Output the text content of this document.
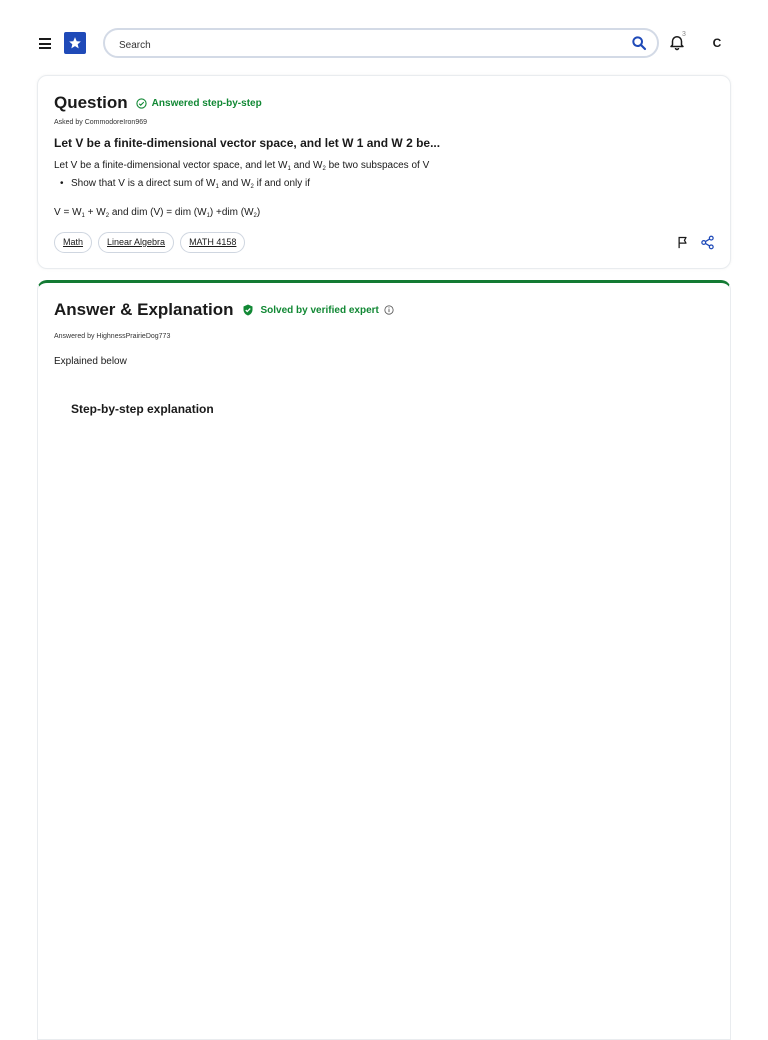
Search
3
C
Question Answered step-by-step
Asked by CommodoreIron969
Let V be a finite-dimensional vector space, and let W 1 and W 2 be...
Let V be a finite-dimensional vector space, and let $W_1$ and $W_2$ be two subspaces of V
• Show that V is a direct sum of $W_1$ and $W_2$ if and only if
$V = W_1 + W_2$ and dim (V) = dim $(W_1) +dim$ $(W_2)$
Math	Linear Algebra	MATH 4158
Answer & Explanation	Solved by verified expert
Answered by HighnessPrairieDog773
Explained below
Step-by-step explanation
